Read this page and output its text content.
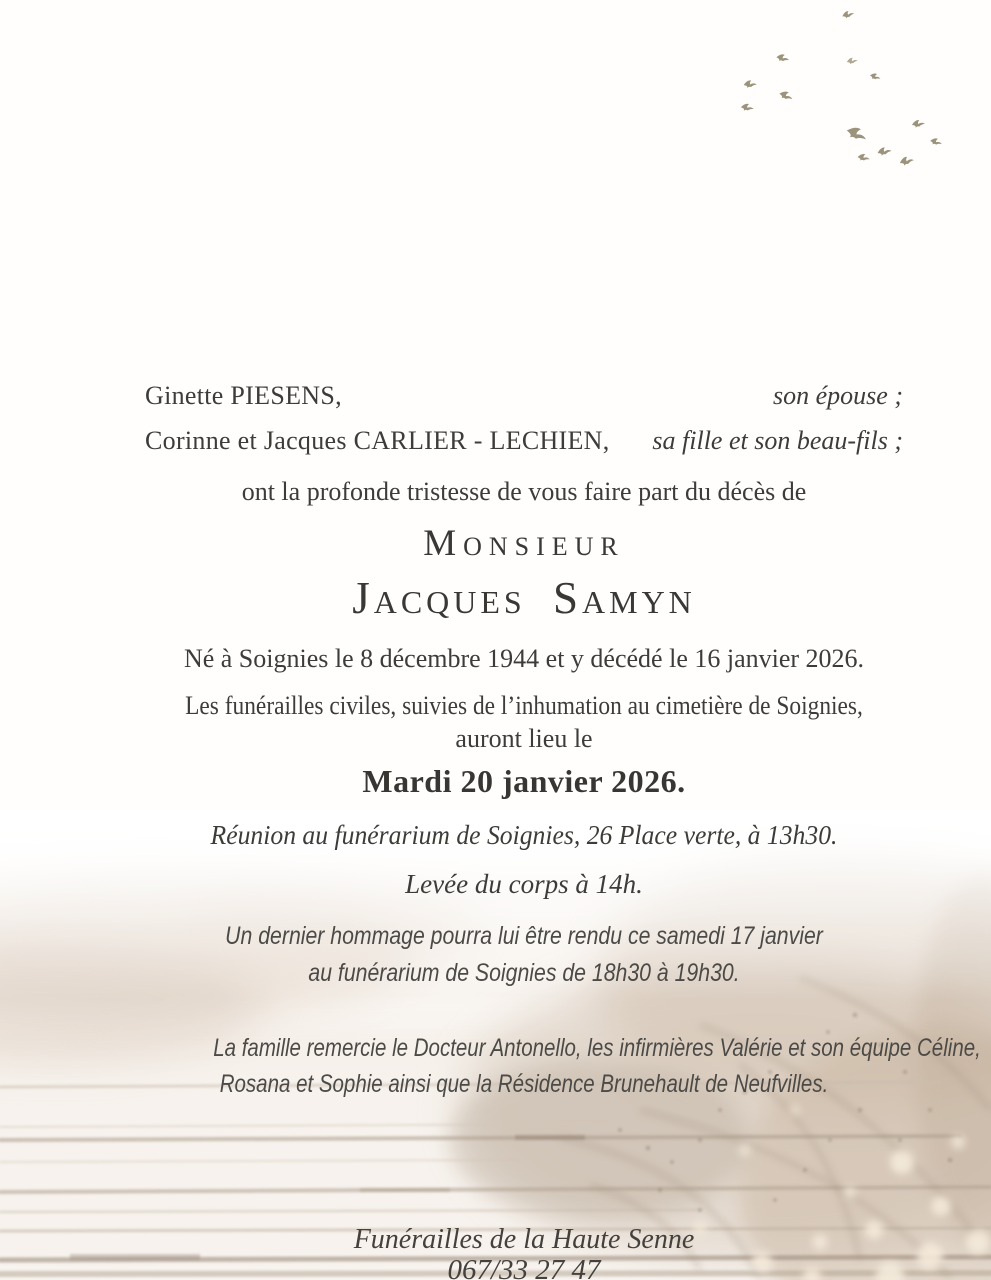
Ginette PIESENS,	son épouse ;
Corinne et Jacques CARLIER - LECHIEN, sa fille et son beau-fils ;
ont la profonde tristesse de vous faire part du décès de
Monsieur
Jacques Samyn
Né à Soignies le 8 décembre 1944 et y décédé le 16 janvier 2026.
Les funérailles civiles, suivies de l’inhumation au cimetière de Soignies,
auront lieu le
Mardi 20 janvier 2026.
Réunion au funérarium de Soignies, 26 Place verte, à 13h30.
Levée du corps à 14h.
Un dernier hommage pourra lui être rendu ce samedi 17 janvier
au funérarium de Soignies de 18h30 à 19h30.
La famille remercie le Docteur Antonello, les infirmières Valérie et son équipe Céline,
Rosana et Sophie ainsi que la Résidence Brunehault de Neufvilles.
Funérailles de la Haute Senne
067/33 27 47
